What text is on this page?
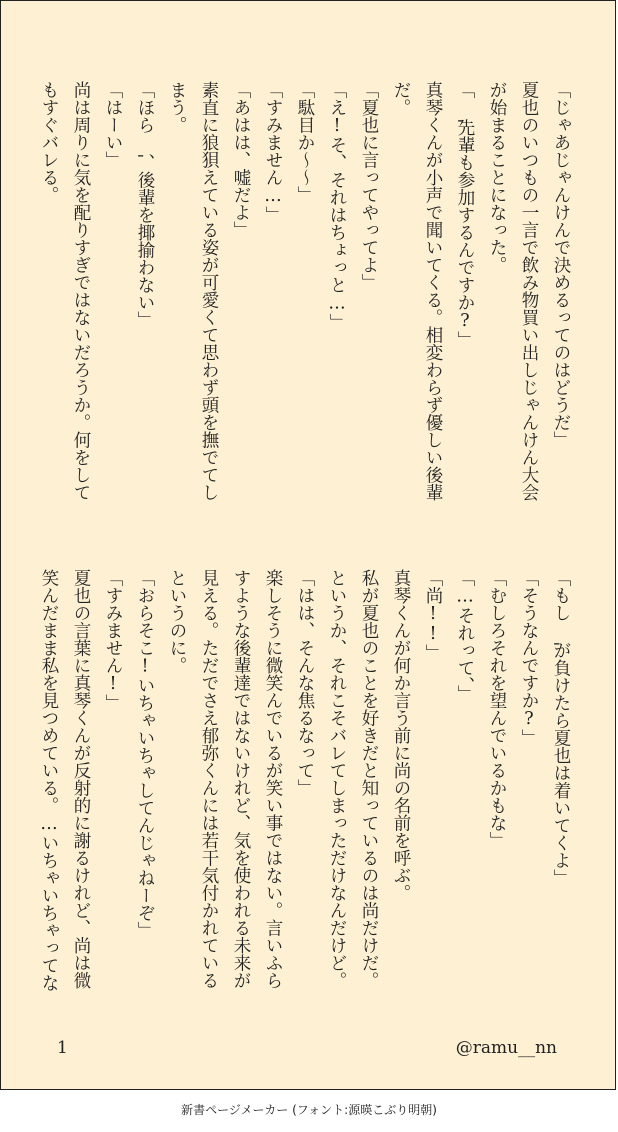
「じゃあじゃんけんで決めるってのはどうだ」

夏也のいつもの一言で飲み物買い出しじゃんけん大会

が始まることになった。

「 ̄先輩も参加するんですか?」

真琴くんが小声で聞いてくる。相変わらず優しい後輩

だ。

「夏也に言ってやってよ」

「え!そ、それはちょっと…」

「駄目か〜〜」

「すみません…」

「あはは、嘘だよ」

素直に狼狽えている姿が可愛くて思わず頭を撫でてし

まう。

「ほら ̄、後輩を揶揄わない」

「はーい」

尚は周りに気を配りすぎではないだろうか。何をして

もすぐバレる。

「もし ̄が負けたら夏也は着いてくよ」

「そうなんですか?」

「むしろそれを望んでいるかもな」

「…それって、」

「尚!!」

真琴くんが何か言う前に尚の名前を呼ぶ。

私が夏也のことを好きだと知っているのは尚だけだ。

というか、それこそバレてしまっただけなんだけど。

「はは、そんな焦るなって」

楽しそうに微笑んでいるが笑い事ではない。言いふら

すような後輩達ではないけれど、気を使われる未来が

見える。ただでさえ郁弥くんには若干気付かれている

というのに。

「おらそこ!いちゃいちゃしてんじゃねーぞ」

「すみません!」

夏也の言葉に真琴くんが反射的に謝るけれど、尚は微

笑んだまま私を見つめている。…いちゃいちゃってな

1	@ramu__nn
新書ページメーカー (フォント:源暎こぶり明朝)
